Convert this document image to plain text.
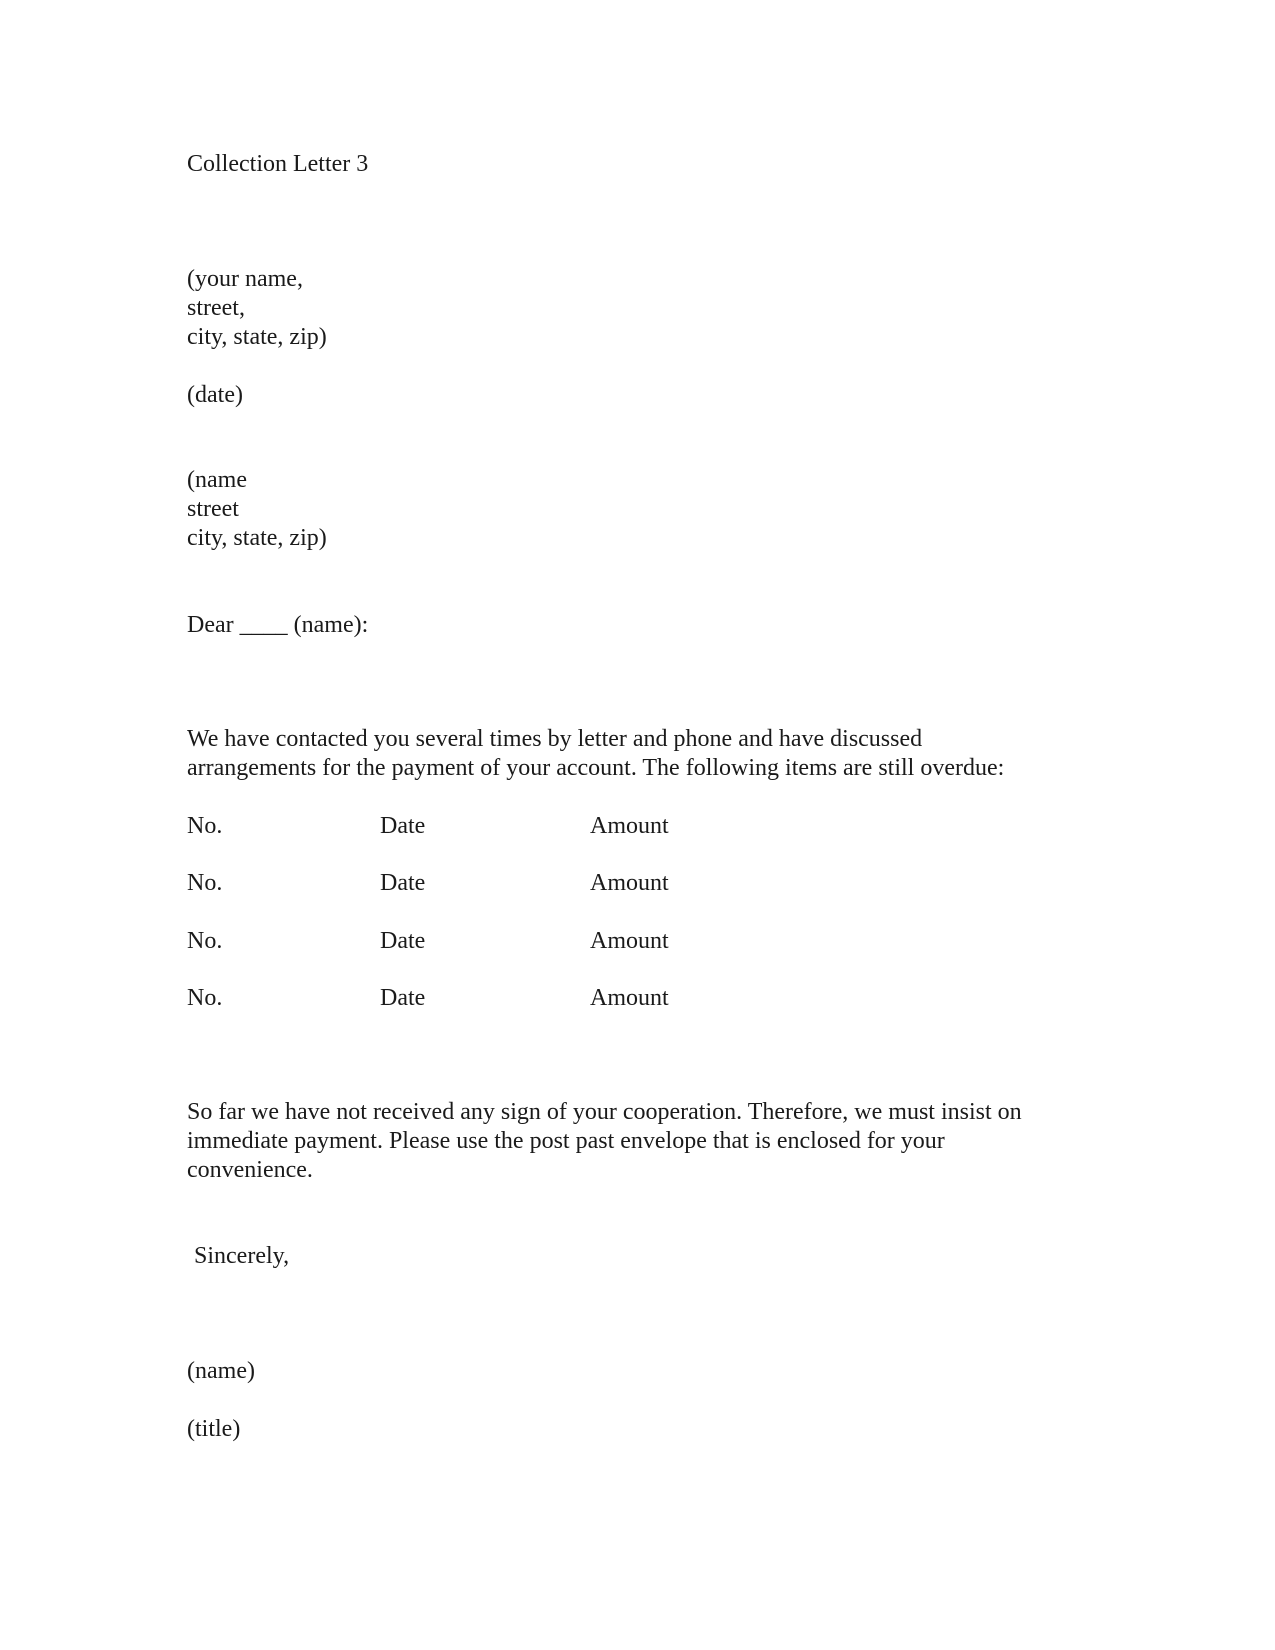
Collection Letter 3
(your name,
street,
city, state, zip)
(date)
(name
street
city, state, zip)
Dear ____ (name):
We have contacted you several times by letter and phone and have discussed
arrangements for the payment of your account. The following items are still overdue:
No.	Date	Amount
No.	Date	Amount
No.	Date	Amount
No.	Date	Amount
So far we have not received any sign of your cooperation. Therefore, we must insist on
immediate payment. Please use the post past envelope that is enclosed for your
convenience.
Sincerely,
(name)
(title)
